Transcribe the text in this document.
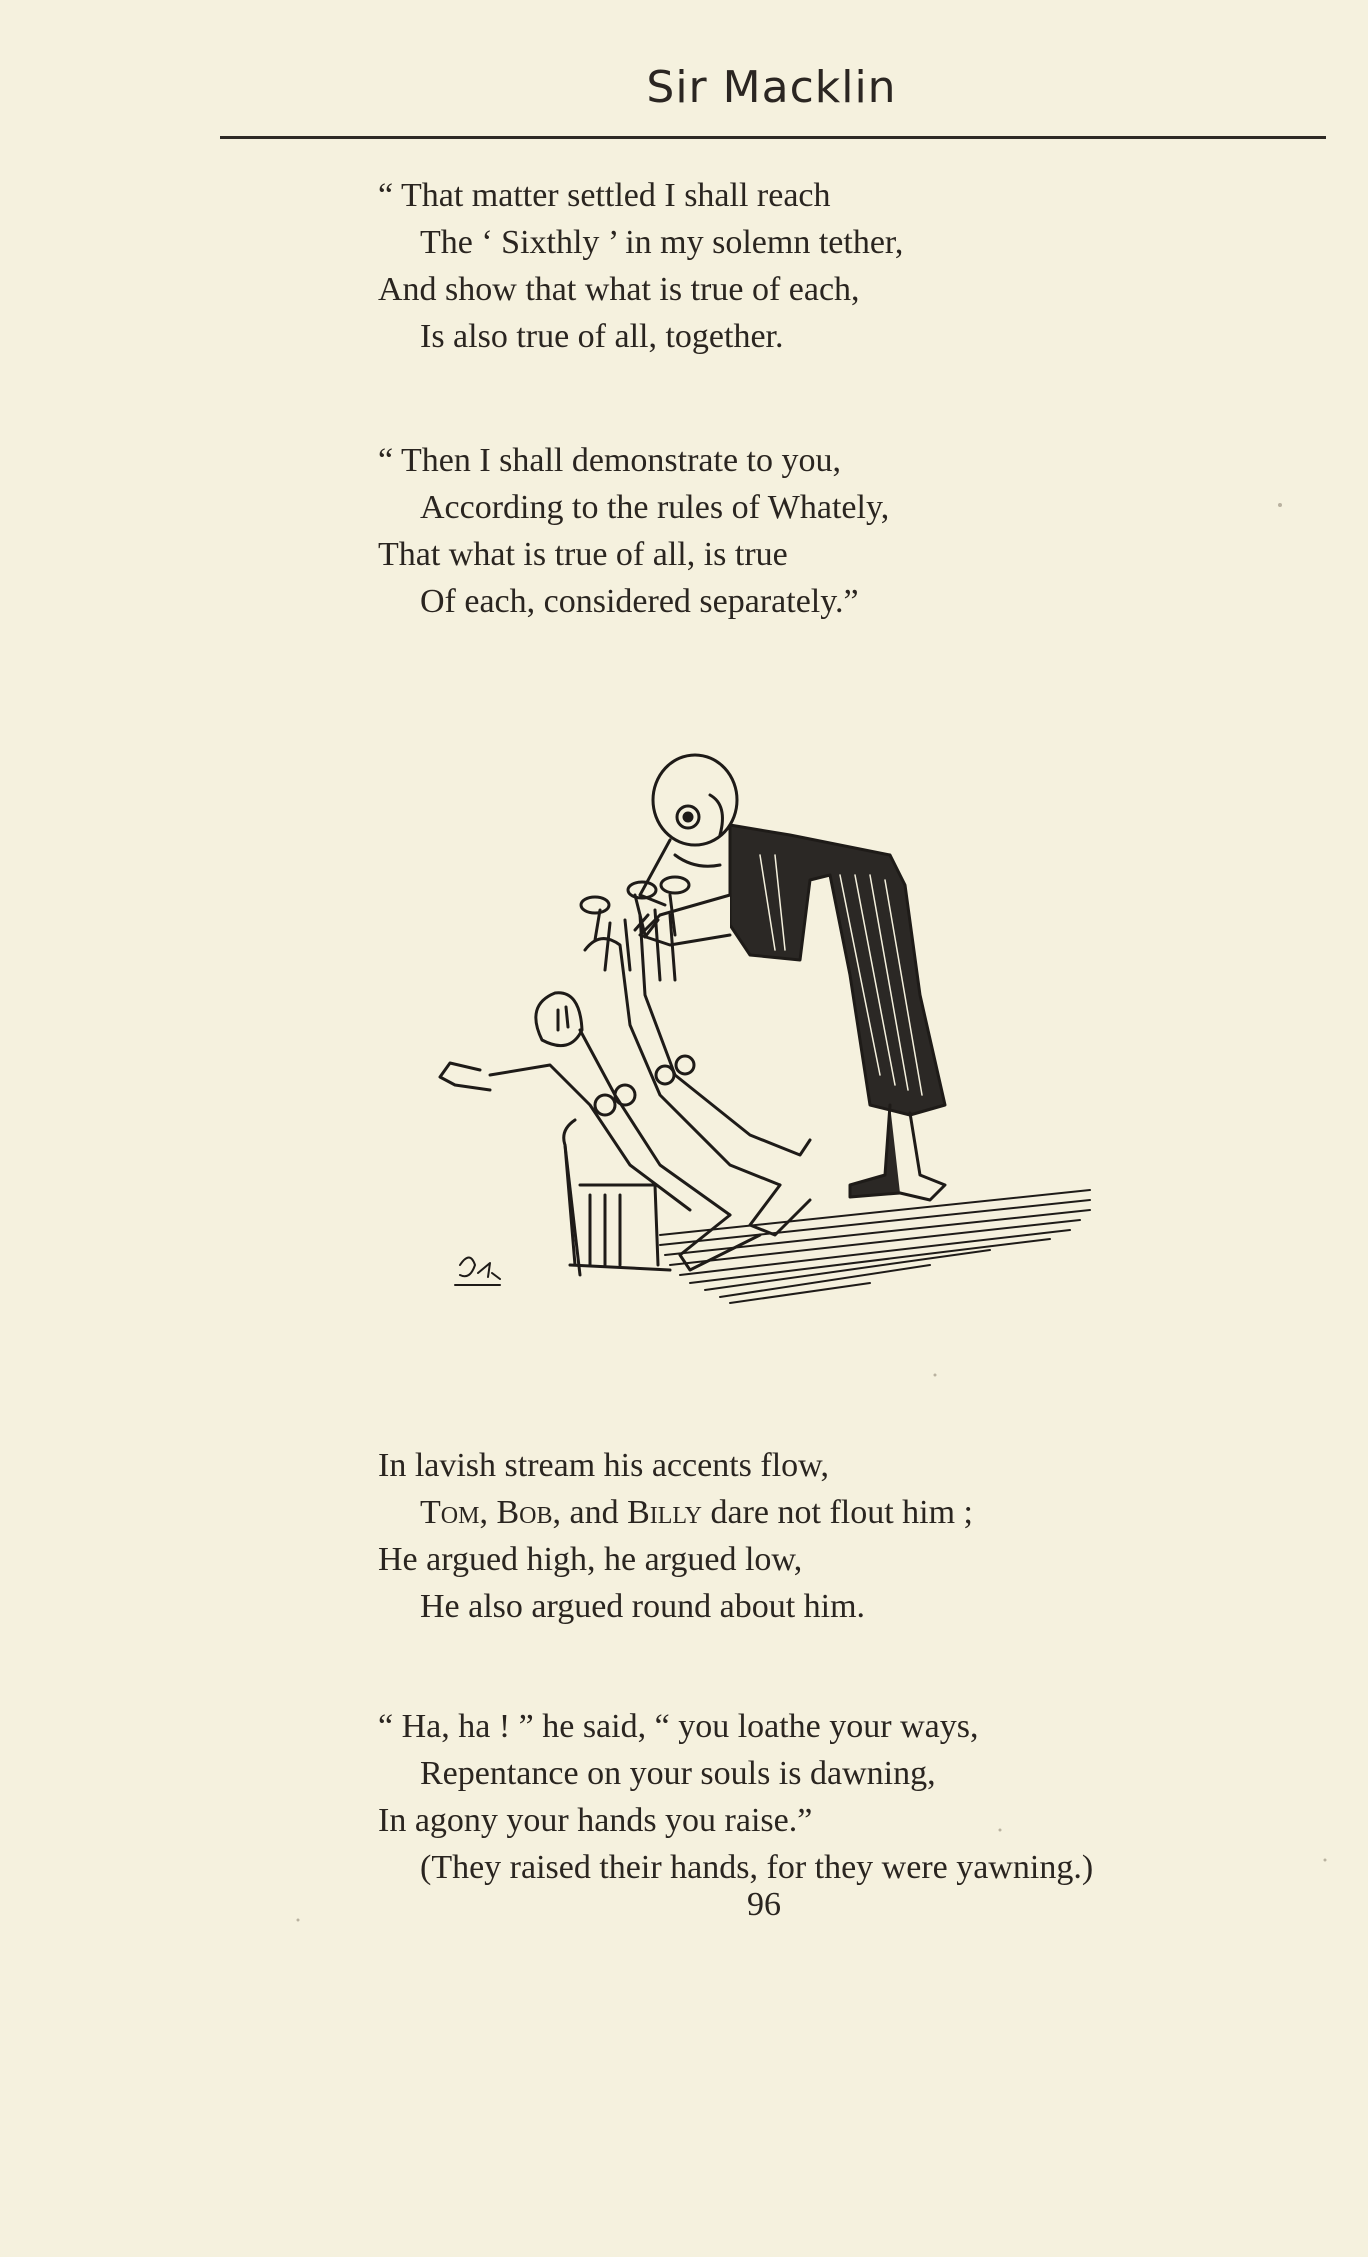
Sir Macklin
“ That matter settled I shall reach
The ‘ Sixthly ’ in my solemn tether,
And show that what is true of each,
Is also true of all, together.
“ Then I shall demonstrate to you,
According to the rules of Whately,
That what is true of all, is true
Of each, considered separately.”
In lavish stream his accents flow,
Tom, Bob, and Billy dare not flout him ;
He argued high, he argued low,
He also argued round about him.
“ Ha, ha ! ” he said, “ you loathe your ways,
Repentance on your souls is dawning,
In agony your hands you raise.”
(They raised their hands, for they were yawning.)
96
